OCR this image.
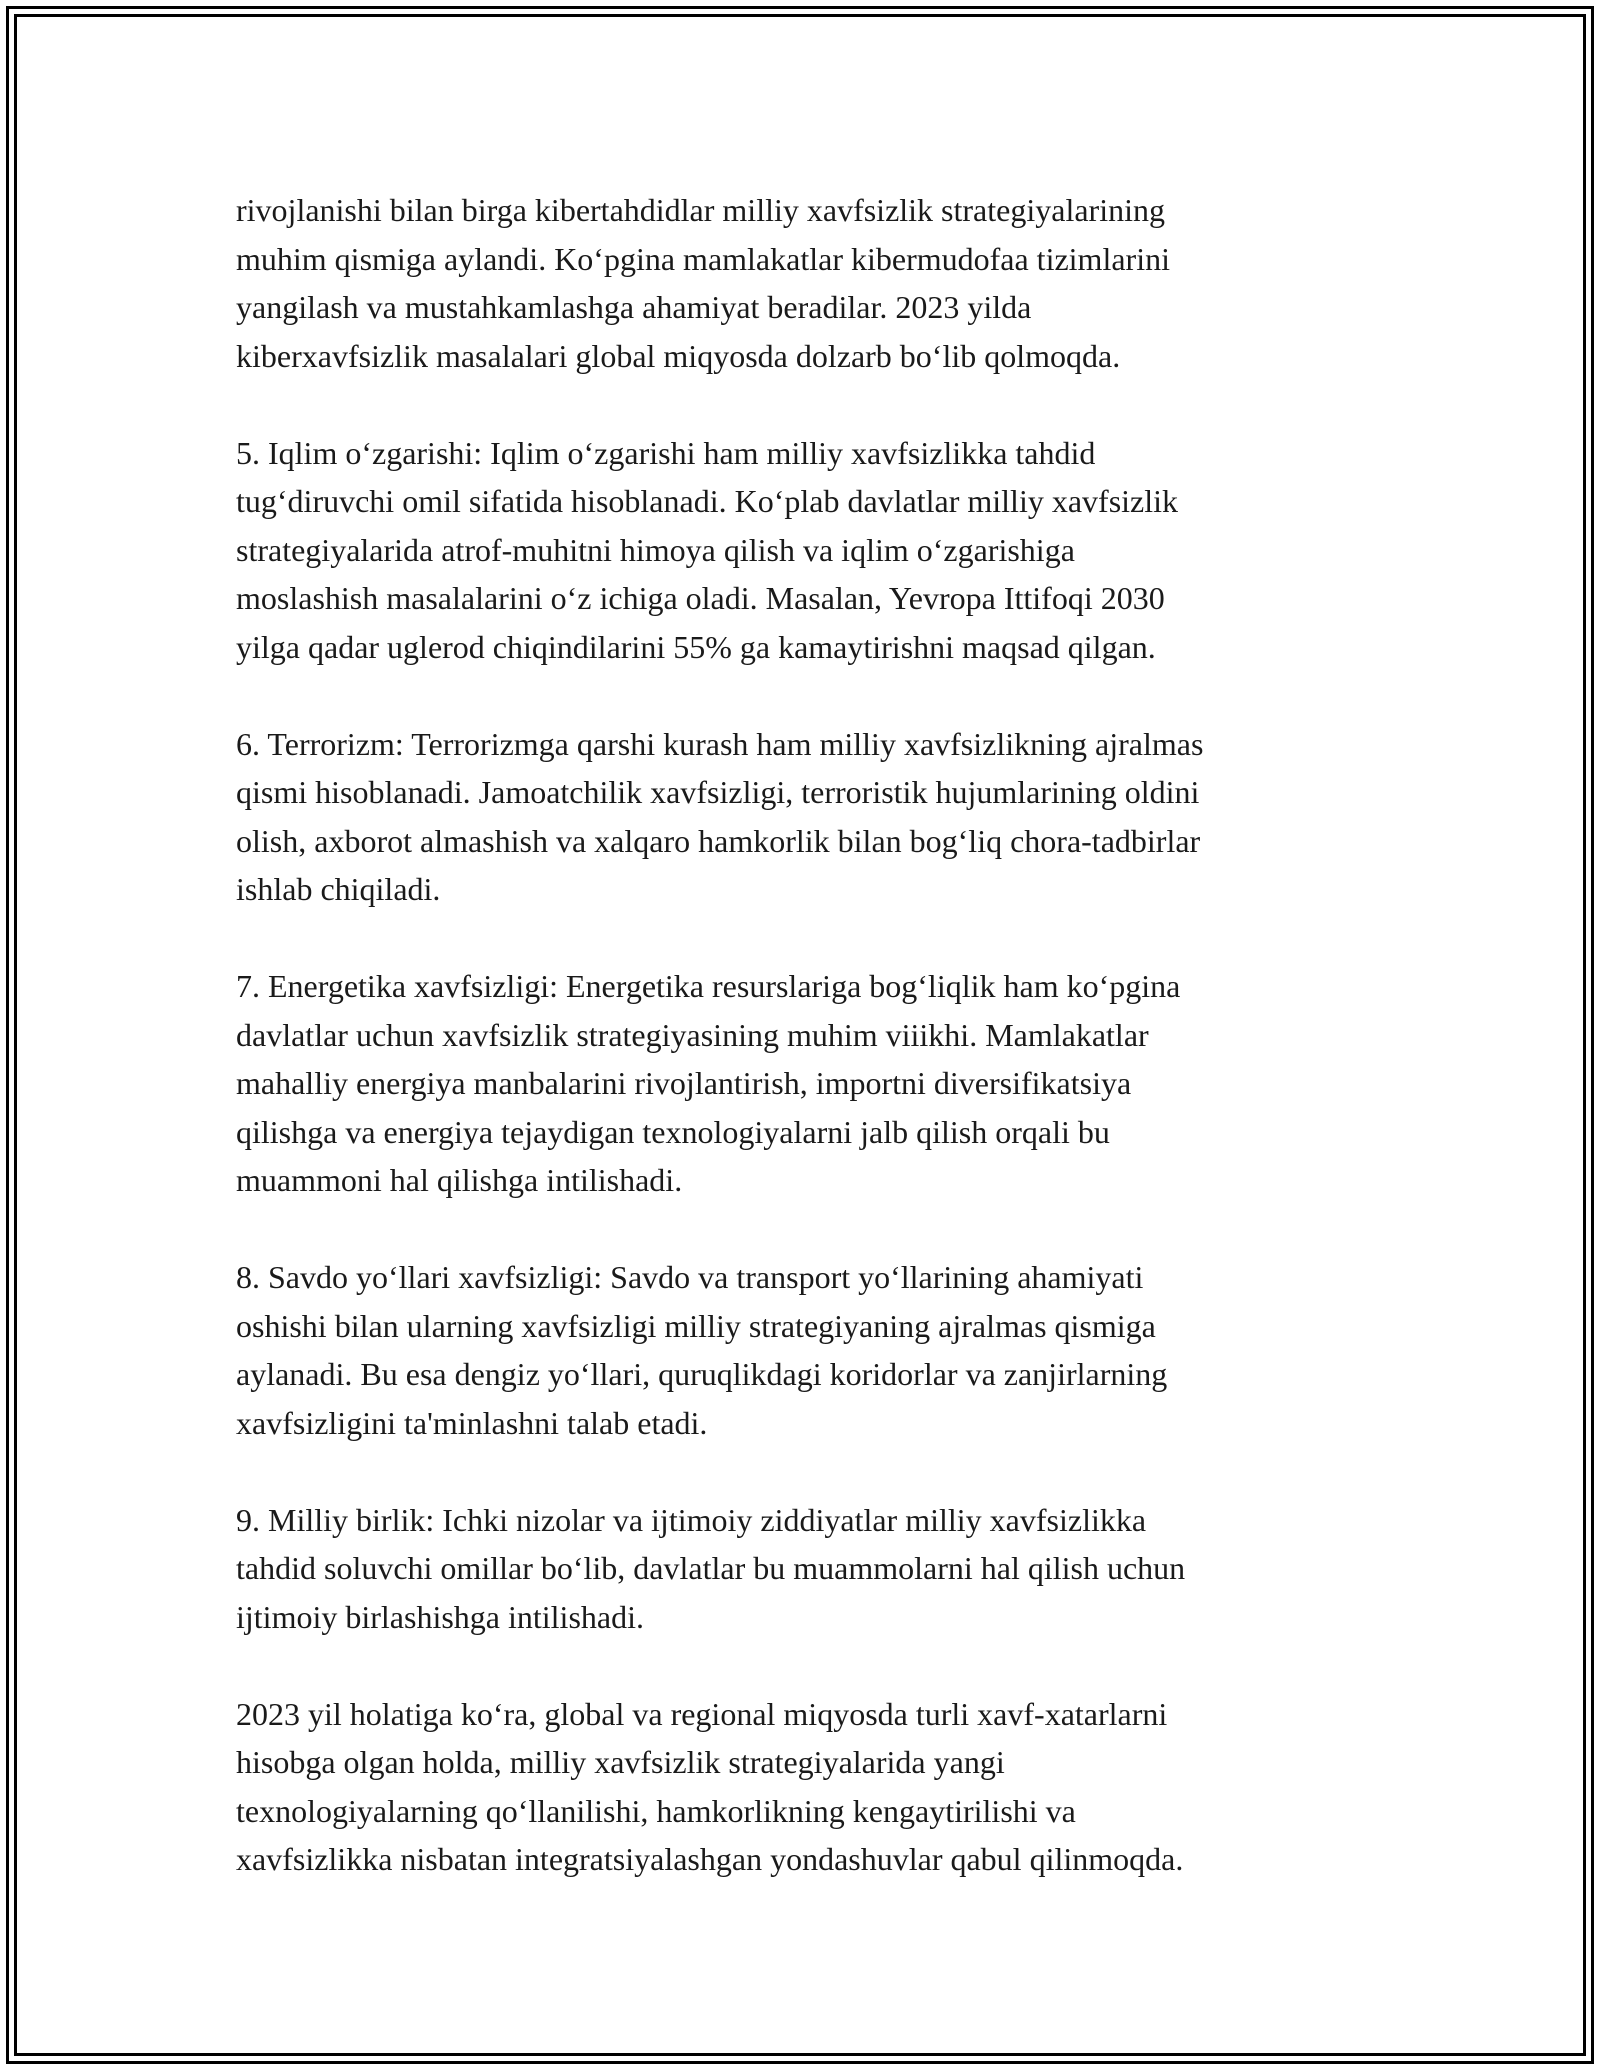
rivojlanishi bilan birga kibertahdidlar milliy xavfsizlik strategiyalarining
muhim qismiga aylandi. Ko‘pgina mamlakatlar kibermudofaa tizimlarini
yangilash va mustahkamlashga ahamiyat beradilar. 2023 yilda
kiberxavfsizlik masalalari global miqyosda dolzarb bo‘lib qolmoqda.

5. Iqlim o‘zgarishi: Iqlim o‘zgarishi ham milliy xavfsizlikka tahdid
tug‘diruvchi omil sifatida hisoblanadi. Ko‘plab davlatlar milliy xavfsizlik
strategiyalarida atrof-muhitni himoya qilish va iqlim o‘zgarishiga
moslashish masalalarini o‘z ichiga oladi. Masalan, Yevropa Ittifoqi 2030
yilga qadar uglerod chiqindilarini 55% ga kamaytirishni maqsad qilgan.

6. Terrorizm: Terrorizmga qarshi kurash ham milliy xavfsizlikning ajralmas
qismi hisoblanadi. Jamoatchilik xavfsizligi, terroristik hujumlarining oldini
olish, axborot almashish va xalqaro hamkorlik bilan bog‘liq chora-tadbirlar
ishlab chiqiladi.

7. Energetika xavfsizligi: Energetika resurslariga bog‘liqlik ham ko‘pgina
davlatlar uchun xavfsizlik strategiyasining muhim viiikhi. Mamlakatlar
mahalliy energiya manbalarini rivojlantirish, importni diversifikatsiya
qilishga va energiya tejaydigan texnologiyalarni jalb qilish orqali bu
muammoni hal qilishga intilishadi.

8. Savdo yo‘llari xavfsizligi: Savdo va transport yo‘llarining ahamiyati
oshishi bilan ularning xavfsizligi milliy strategiyaning ajralmas qismiga
aylanadi. Bu esa dengiz yo‘llari, quruqlikdagi koridorlar va zanjirlarning
xavfsizligini ta'minlashni talab etadi.

9. Milliy birlik: Ichki nizolar va ijtimoiy ziddiyatlar milliy xavfsizlikka
tahdid soluvchi omillar bo‘lib, davlatlar bu muammolarni hal qilish uchun
ijtimoiy birlashishga intilishadi.

2023 yil holatiga ko‘ra, global va regional miqyosda turli xavf-xatarlarni
hisobga olgan holda, milliy xavfsizlik strategiyalarida yangi
texnologiyalarning qo‘llanilishi, hamkorlikning kengaytirilishi va
xavfsizlikka nisbatan integratsiyalashgan yondashuvlar qabul qilinmoqda.
